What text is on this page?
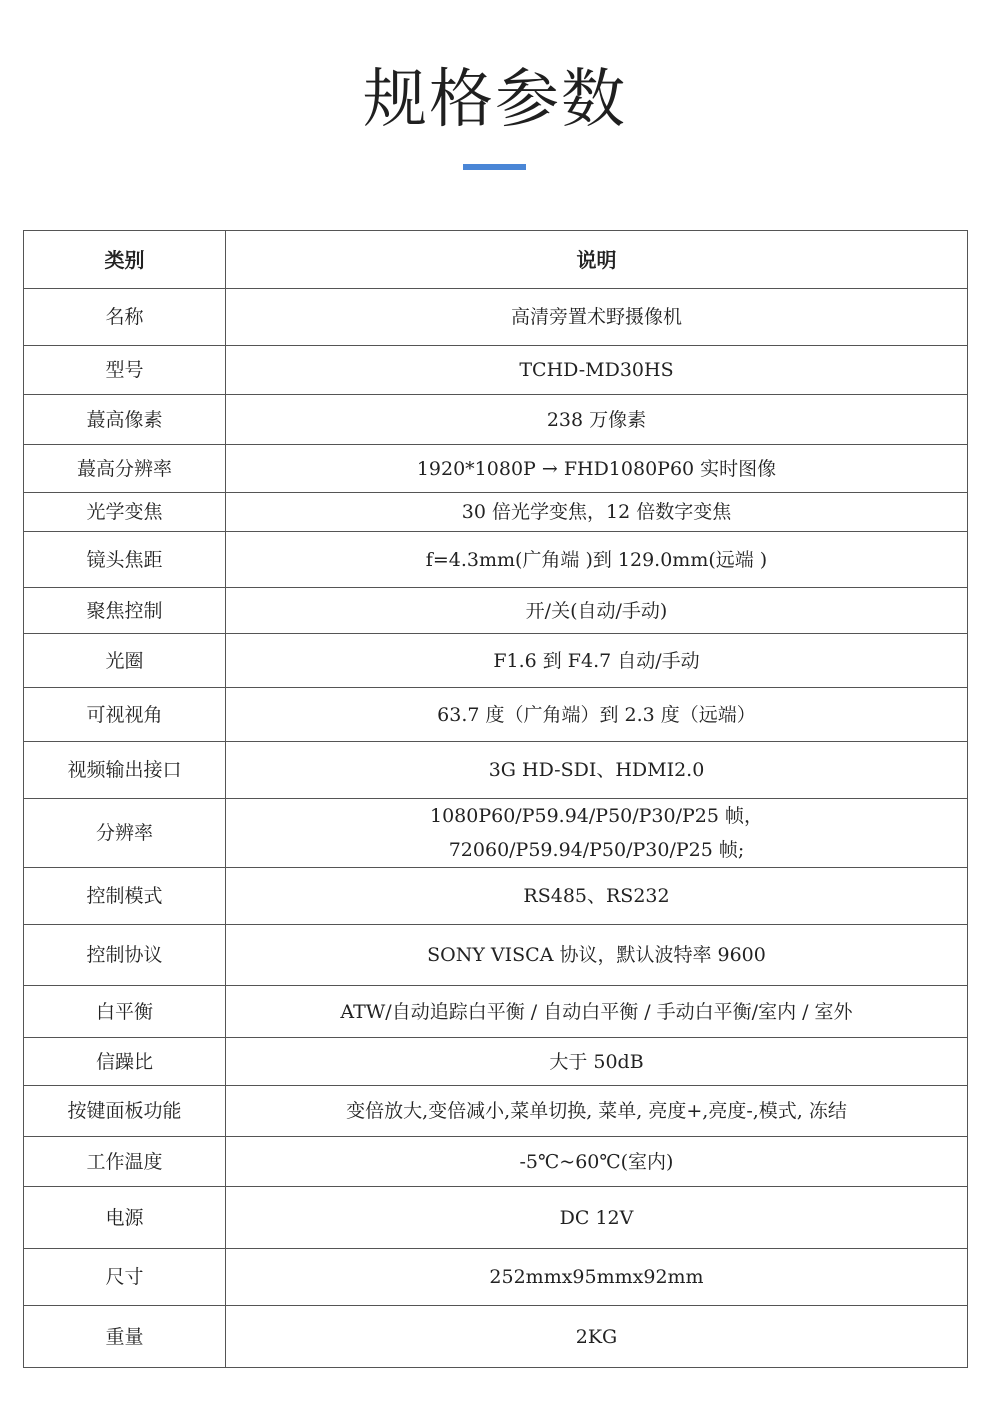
规格参数
类别	说明
名称	高清旁置术野摄像机
型号	TCHD-MD30HS
蕞高像素	238 万像素
蕞高分辨率	1920*1080P → FHD1080P60 实时图像
光学变焦	30 倍光学变焦，12 倍数字变焦
镜头焦距	f=4.3mm(广角端 )到 129.0mm(远端 )
聚焦控制	开/关(自动/手动)
光圈	F1.6 到 F4.7 自动/手动
可视视角	63.7 度（广角端）到 2.3 度（远端）
视频输出接口	3G HD-SDI、HDMI2.0
分辨率	1080P60/P59.94/P50/P30/P25 帧，
72060/P59.94/P50/P30/P25 帧;
控制模式	RS485、RS232
控制协议	SONY VISCA 协议，默认波特率 9600
白平衡	ATW/自动追踪白平衡 / 自动白平衡 / 手动白平衡/室内 / 室外
信躁比	大于 50dB
按键面板功能	变倍放大,变倍减小,菜单切换, 菜单, 亮度+,亮度-,模式, 冻结
工作温度	-5℃~60℃(室内)
电源	DC 12V
尺寸	252mmx95mmx92mm
重量	2KG
